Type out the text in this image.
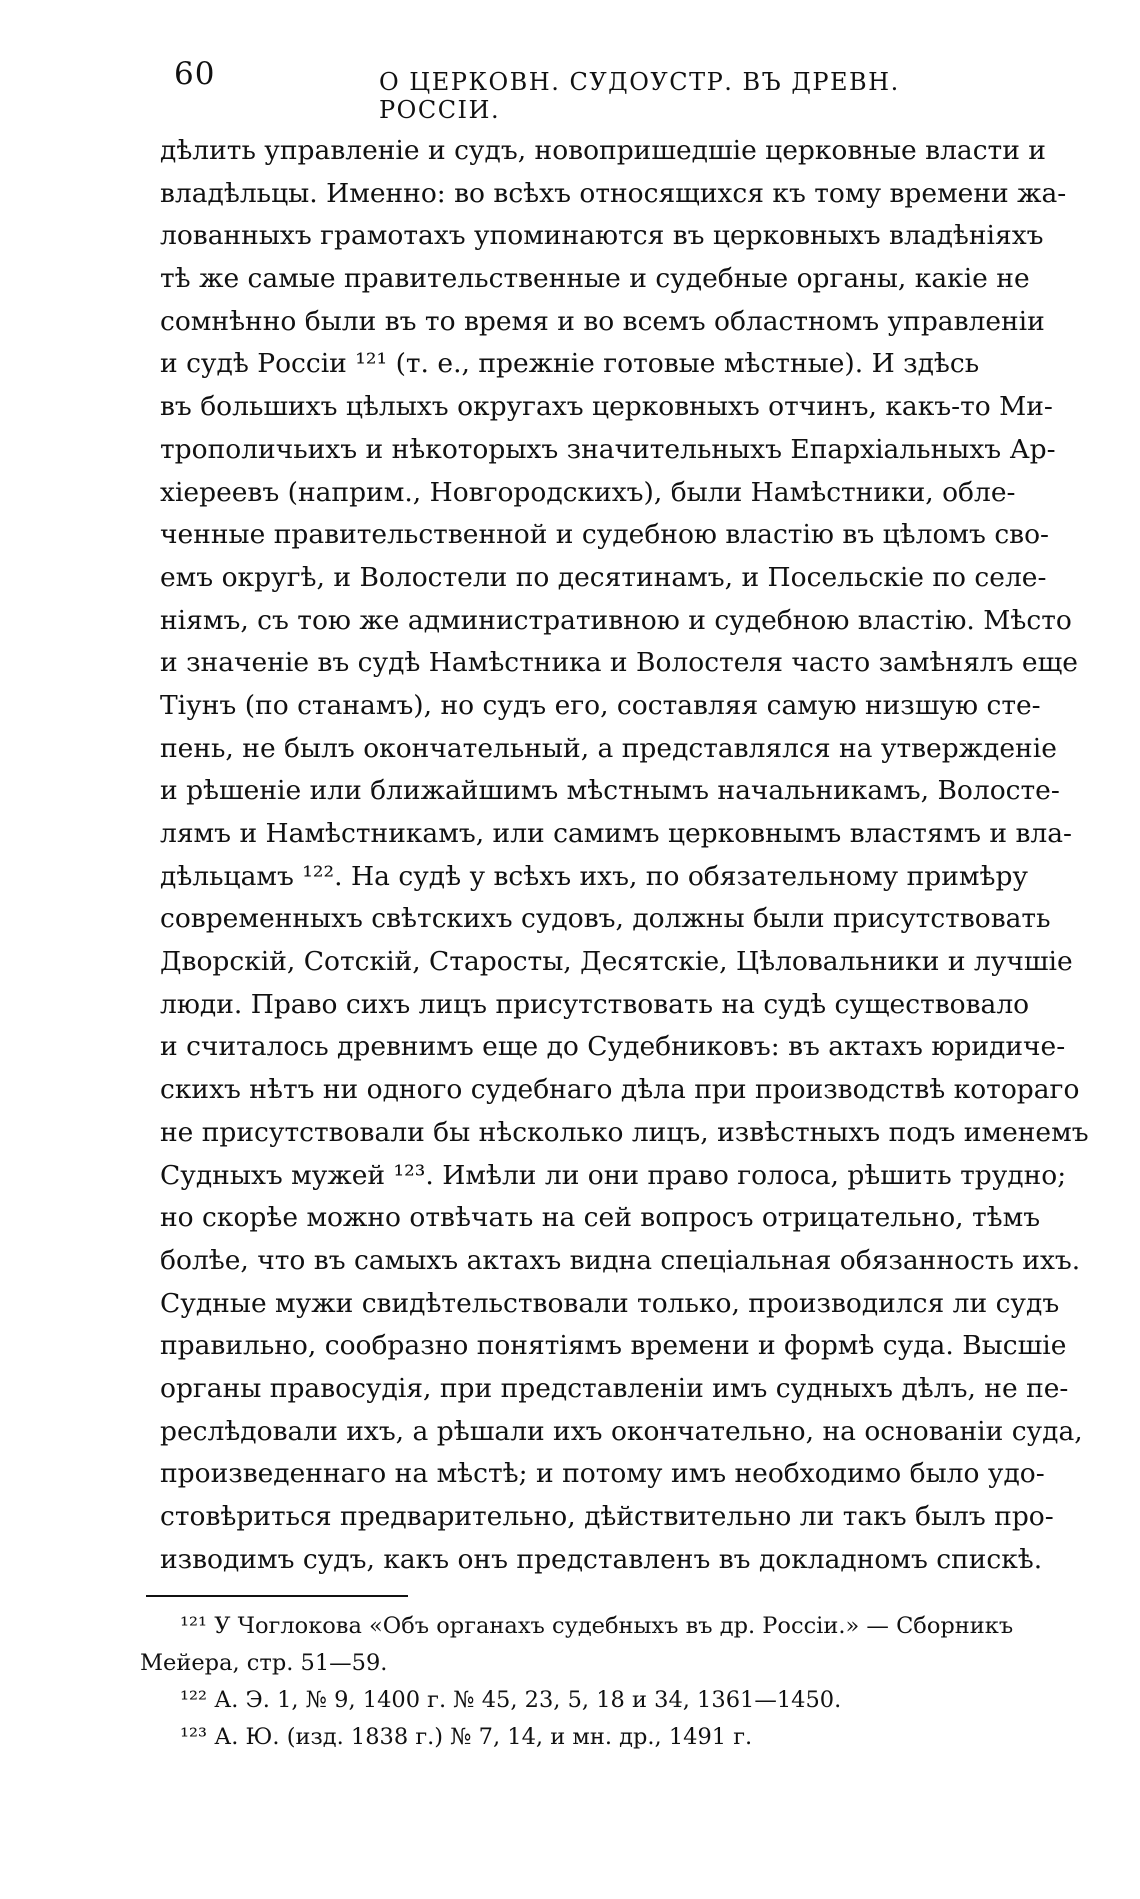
60	О ЦЕРКОВН. СУДОУСТР. ВЪ ДРЕВН. РОССІИ.
дѣлить управленіе и судъ, новопришедшіе церковные власти и
владѣльцы. Именно: во всѣхъ относящихся къ тому времени жа-
лованныхъ грамотахъ упоминаются въ церковныхъ владѣніяхъ
тѣ же самые правительственные и судебные органы, какіе не
сомнѣнно были въ то время и во всемъ областномъ управленіи
и судѣ Россіи ¹²¹ (т. е., прежніе готовые мѣстные). И здѣсь
въ большихъ цѣлыхъ округахъ церковныхъ отчинъ, какъ-то Ми-
трополичьихъ и нѣкоторыхъ значительныхъ Епархіальныхъ Ар-
хіереевъ (наприм., Новгородскихъ), были Намѣстники, облe-
ченные правительственной и судебною властію въ цѣломъ сво-
емъ округѣ, и Волостели по десятинамъ, и Посельскіе по селе-
ніямъ, съ тою же административною и судебною властію. Мѣсто
и значеніе въ судѣ Намѣстника и Волостеля часто замѣнялъ еще
Тіунъ (по станамъ), но судъ его, составляя самую низшую сте-
пень, не былъ окончательный, а представлялся на утвержденіе
и рѣшеніе или ближайшимъ мѣстнымъ начальникамъ, Волосте-
лямъ и Намѣстникамъ, или самимъ церковнымъ властямъ и вла-
дѣльцамъ ¹²². На судѣ у всѣхъ ихъ, по обязательному примѣру
современныхъ свѣтскихъ судовъ, должны были присутствовать
Дворскій, Сотскій, Старосты, Десятскіе, Цѣловальники и лучшіе
люди. Право сихъ лицъ присутствовать на судѣ существовало
и считалось древнимъ еще до Судебниковъ: въ актахъ юридиче-
скихъ нѣтъ ни одного судебнаго дѣла при производствѣ котораго
не присутствовали бы нѣсколько лицъ, извѣстныхъ подъ именемъ
Судныхъ мужей ¹²³. Имѣли ли они право голоса, рѣшить трудно;
но скорѣе можно отвѣчать на сей вопросъ отрицательно, тѣмъ
болѣе, что въ самыхъ актахъ видна спеціальная обязанность ихъ.
Судные мужи свидѣтельствовали только, производился ли судъ
правильно, сообразно понятіямъ времени и формѣ суда. Высшіе
органы правосудія, при представленіи имъ судныхъ дѣлъ, не пе-
реслѣдовали ихъ, а рѣшали ихъ окончательно, на основаніи суда,
произведеннаго на мѣстѣ; и потому имъ необходимо было удо-
стовѣриться предварительно, дѣйствительно ли такъ былъ про-
изводимъ судъ, какъ онъ представленъ въ докладномъ спискѣ.
¹²¹ У Чоглокова «Объ органахъ судебныхъ въ др. Россіи.» — Сборникъ
Мейера, стр. 51—59.
¹²² А. Э. 1, № 9, 1400 г. № 45, 23, 5, 18 и 34, 1361—1450.
¹²³ А. Ю. (изд. 1838 г.) № 7, 14, и мн. др., 1491 г.
